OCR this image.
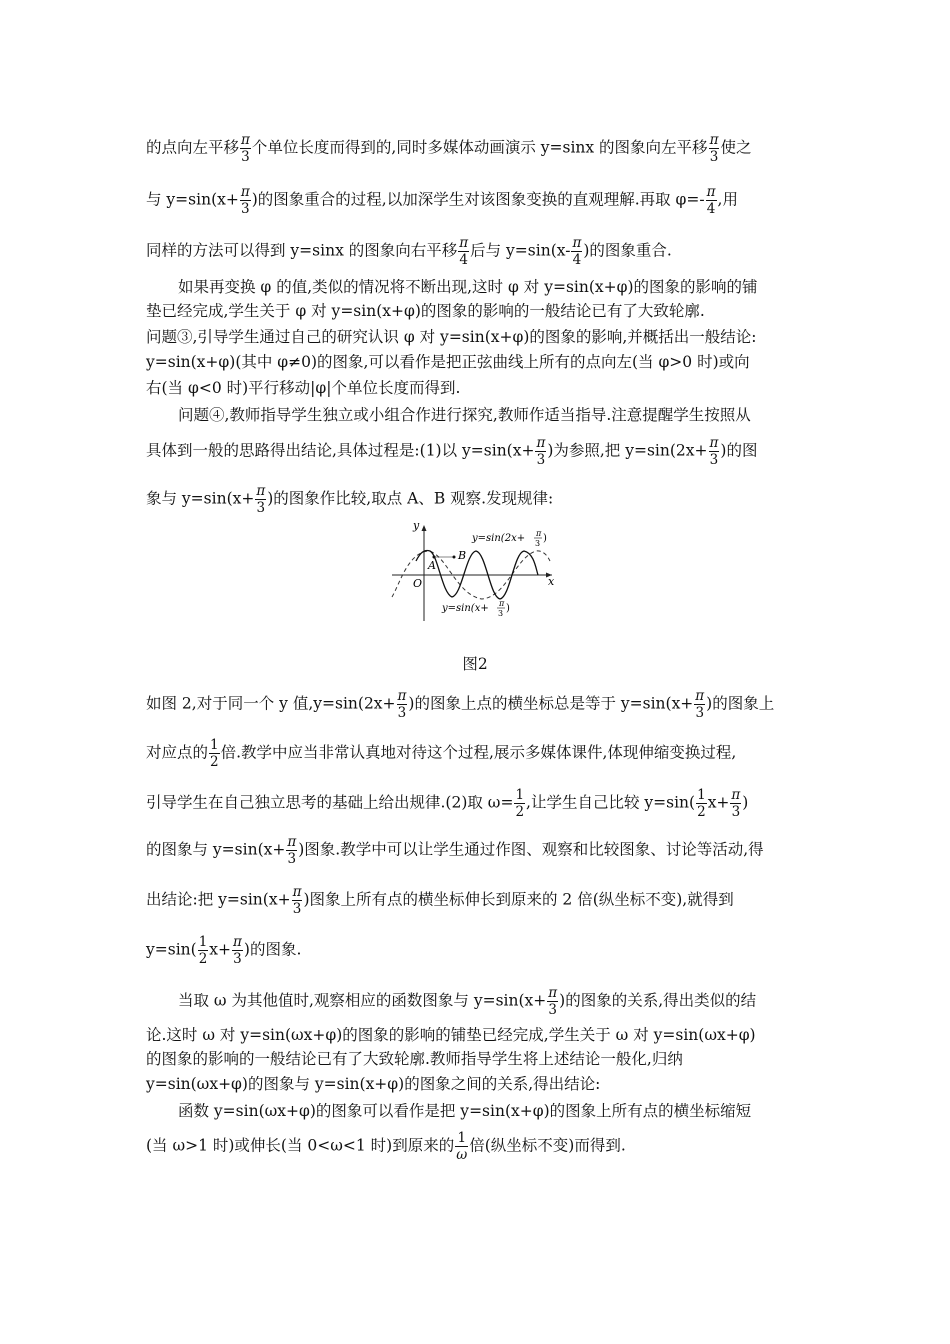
的点向左平移 $\frac{\pi}{3}$ 个单位长度而得到的,同时多媒体动画演示 y=sinx 的图象向左平移 $\frac{\pi}{3}$ 使之
与 $y=\sin(x+ \frac{\pi}{3}$ )的图象重合的过程,以加深学生对该图象变换的直观理解.再取 $\varphi=- \frac{\pi}{4}$ ,用
同样的方法可以得到 y=sinx 的图象向右平移 $\frac{\pi}{4}$ 后与 $y=\sin(x- \frac{\pi}{4}$ )的图象重合.
如果再变换 φ 的值,类似的情况将不断出现,这时 φ 对 y=sin(x+φ)的图象的影响的铺
垫已经完成,学生关于 φ 对 y=sin(x+φ)的图象的影响的一般结论已有了大致轮廓.
问题③,引导学生通过自己的研究认识 φ 对 y=sin(x+φ)的图象的影响,并概括出一般结论:
y=sin(x+φ)(其中 φ≠0)的图象,可以看作是把正弦曲线上所有的点向左(当 φ>0 时)或向
右(当 φ<0 时)平行移动|φ|个单位长度而得到.
问题④,教师指导学生独立或小组合作进行探究,教师作适当指导.注意提醒学生按照从
具体到一般的思路得出结论,具体过程是:(1)以 $y=\sin(x+ \frac{\pi}{3}$ )为参照,把 $y=\sin(2x+ \frac{\pi}{3}$ )的图
象与 $y=\sin(x+ \frac{\pi}{3}$ )的图象作比较,取点 A、B 观察.发现规律:
y
x
O
A
B
y=sin(2x+ π
3 )
y=sin(x+ π
3 )
图2
如图 2,对于同一个 y 值$,y=\sin(2x+ \frac{\pi}{3}$ )的图象上点的横坐标总是等于 $y=\sin(x+ \frac{\pi}{3}$ )的图象上
对应点的 $\frac{1}{2}$ 倍.教学中应当非常认真地对待这个过程,展示多媒体课件,体现伸缩变换过程,
引导学生在自己独立思考的基础上给出规律.(2)取 $\omega= \frac{1}{2}$ ,让学生自己比较 $y=\sin( \frac{1}{2} x+ \frac{\pi}{3}$ )
的图象与 $y=\sin(x+ \frac{\pi}{3}$ )图象.教学中可以让学生通过作图、观察和比较图象、讨论等活动,得
出结论:把 $y=\sin(x+ \frac{\pi}{3}$ )图象上所有点的横坐标伸长到原来的 2 倍(纵坐标不变),就得到
$y=\sin( \frac{1}{2} x+ \frac{\pi}{3}$ )的图象.
当取 ω 为其他值时,观察相应的函数图象与 $y=\sin(x+ \frac{\pi}{3}$ )的图象的关系,得出类似的结
论.这时 ω 对 y=sin(ωx+φ)的图象的影响的铺垫已经完成,学生关于 ω 对 y=sin(ωx+φ)
的图象的影响的一般结论已有了大致轮廓.教师指导学生将上述结论一般化,归纳
y=sin(ωx+φ)的图象与 y=sin(x+φ)的图象之间的关系,得出结论:
函数 y=sin(ωx+φ)的图象可以看作是把 y=sin(x+φ)的图象上所有点的横坐标缩短
(当 ω>1 时)或伸长(当 0<ω<1 时)到原来的 $\frac{1}{\omega}$ 倍(纵坐标不变)而得到.
